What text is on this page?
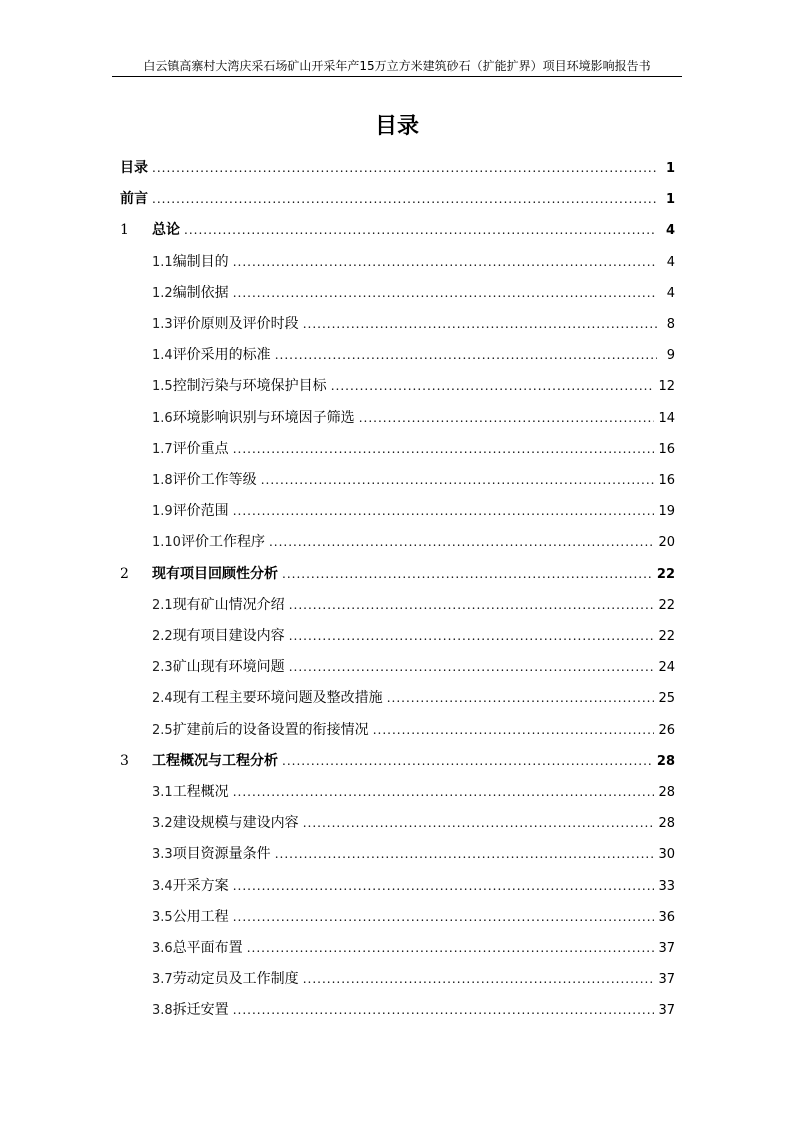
白云镇高寨村大湾庆采石场矿山开采年产15万立方米建筑砂石（扩能扩界）项目环境影响报告书
目录
目录 .....	1
前言 .....	1
1	总论 .....	4
1.1 编制目的 .....	4
1.2 编制依据 .....	4
1.3 评价原则及评价时段 .....	8
1.4 评价采用的标准 .....	9
1.5 控制污染与环境保护目标 .....	12
1.6 环境影响识别与环境因子筛选 .....	14
1.7 评价重点 .....	16
1.8 评价工作等级 .....	16
1.9 评价范围 .....	19
1.10 评价工作程序 .....	20
2	现有项目回顾性分析 .....	22
2.1 现有矿山情况介绍 .....	22
2.2 现有项目建设内容 .....	22
2.3 矿山现有环境问题 .....	24
2.4 现有工程主要环境问题及整改措施 .....	25
2.5 扩建前后的设备设置的衔接情况 .....	26
3	工程概况与工程分析 .....	28
3.1 工程概况 .....	28
3.2 建设规模与建设内容 .....	28
3.3 项目资源量条件 .....	30
3.4 开采方案 .....	33
3.5 公用工程 .....	36
3.6 总平面布置 .....	37
3.7 劳动定员及工作制度 .....	37
3.8 拆迁安置 .....	37
